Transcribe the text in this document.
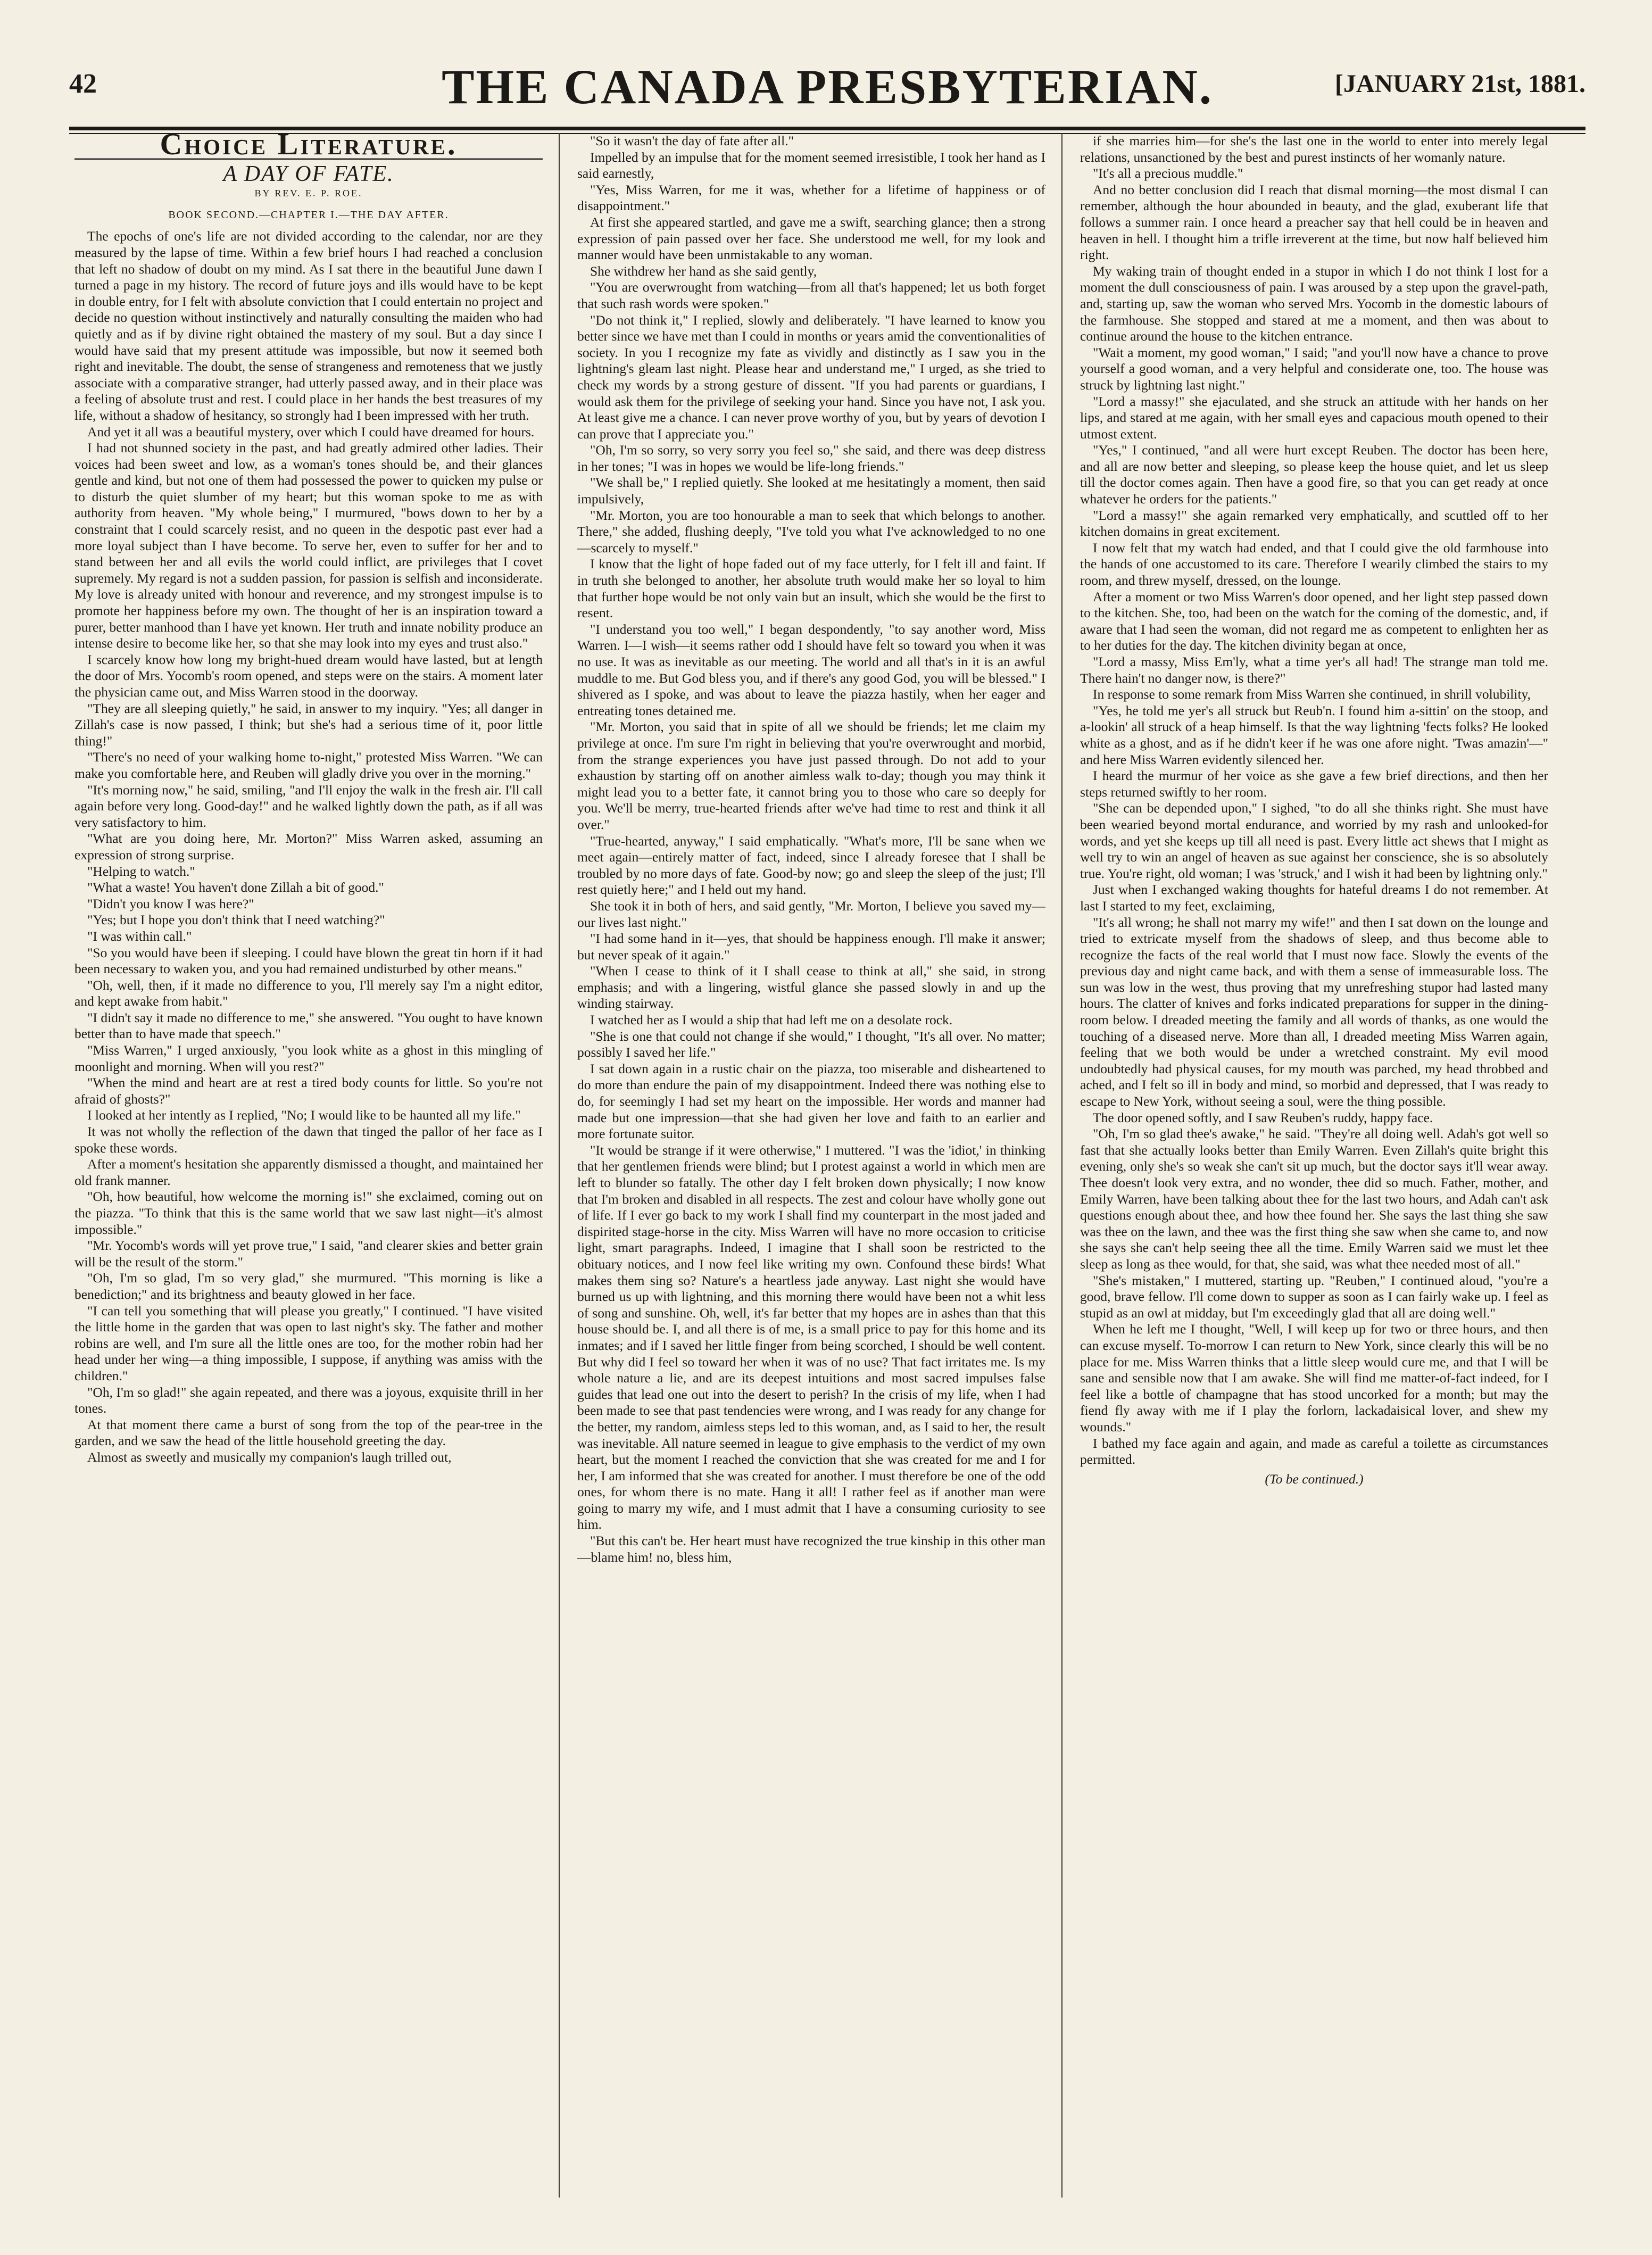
42	THE CANADA PRESBYTERIAN.	[JANUARY 21st, 1881.
Choice Literature.
A DAY OF FATE.
BY REV. E. P. ROE.
BOOK SECOND.—CHAPTER I.—THE DAY AFTER.

The epochs of one's life are not divided according to the calendar, nor are they measured by the lapse of time. Within a few brief hours I had reached a conclusion that left no shadow of doubt on my mind. As I sat there in the beautiful June dawn I turned a page in my history. The record of future joys and ills would have to be kept in double entry, for I felt with absolute conviction that I could entertain no project and decide no question without instinctively and naturally consulting the maiden who had quietly and as if by divine right obtained the mastery of my soul. But a day since I would have said that my present attitude was impossible, but now it seemed both right and inevitable. The doubt, the sense of strangeness and remoteness that we justly associate with a comparative stranger, had utterly passed away, and in their place was a feeling of absolute trust and rest. I could place in her hands the best treasures of my life, without a shadow of hesitancy, so strongly had I been impressed with her truth.

And yet it all was a beautiful mystery, over which I could have dreamed for hours.

I had not shunned society in the past, and had greatly admired other ladies. Their voices had been sweet and low, as a woman's tones should be, and their glances gentle and kind, but not one of them had possessed the power to quicken my pulse or to disturb the quiet slumber of my heart; but this woman spoke to me as with authority from heaven. "My whole being," I murmured, "bows down to her by a constraint that I could scarcely resist, and no queen in the despotic past ever had a more loyal subject than I have become. To serve her, even to suffer for her and to stand between her and all evils the world could inflict, are privileges that I covet supremely. My regard is not a sudden passion, for passion is selfish and inconsiderate. My love is already united with honour and reverence, and my strongest impulse is to promote her happiness before my own. The thought of her is an inspiration toward a purer, better manhood than I have yet known. Her truth and innate nobility produce an intense desire to become like her, so that she may look into my eyes and trust also."

I scarcely know how long my bright-hued dream would have lasted, but at length the door of Mrs. Yocomb's room opened, and steps were on the stairs. A moment later the physician came out, and Miss Warren stood in the doorway.

"They are all sleeping quietly," he said, in answer to my inquiry. "Yes; all danger in Zillah's case is now passed, I think; but she's had a serious time of it, poor little thing!"

"There's no need of your walking home to-night," protested Miss Warren. "We can make you comfortable here, and Reuben will gladly drive you over in the morning."

"It's morning now," he said, smiling, "and I'll enjoy the walk in the fresh air. I'll call again before very long. Good-day!" and he walked lightly down the path, as if all was very satisfactory to him.

"What are you doing here, Mr. Morton?" Miss Warren asked, assuming an expression of strong surprise.

"Helping to watch."

"What a waste! You haven't done Zillah a bit of good."

"Didn't you know I was here?"

"Yes; but I hope you don't think that I need watching?"

"I was within call."

"So you would have been if sleeping. I could have blown the great tin horn if it had been necessary to waken you, and you had remained undisturbed by other means."

"Oh, well, then, if it made no difference to you, I'll merely say I'm a night editor, and kept awake from habit."

"I didn't say it made no difference to me," she answered. "You ought to have known better than to have made that speech."

"Miss Warren," I urged anxiously, "you look white as a ghost in this mingling of moonlight and morning. When will you rest?"

"When the mind and heart are at rest a tired body counts for little. So you're not afraid of ghosts?"

I looked at her intently as I replied, "No; I would like to be haunted all my life."

It was not wholly the reflection of the dawn that tinged the pallor of her face as I spoke these words.

After a moment's hesitation she apparently dismissed a thought, and maintained her old frank manner.

"Oh, how beautiful, how welcome the morning is!" she exclaimed, coming out on the piazza. "To think that this is the same world that we saw last night—it's almost impossible."

"Mr. Yocomb's words will yet prove true," I said, "and clearer skies and better grain will be the result of the storm."

"Oh, I'm so glad, I'm so very glad," she murmured. "This morning is like a benediction;" and its brightness and beauty glowed in her face.

"I can tell you something that will please you greatly," I continued. "I have visited the little home in the garden that was open to last night's sky. The father and mother robins are well, and I'm sure all the little ones are too, for the mother robin had her head under her wing—a thing impossible, I suppose, if anything was amiss with the children."

"Oh, I'm so glad!" she again repeated, and there was a joyous, exquisite thrill in her tones.

At that moment there came a burst of song from the top of the pear-tree in the garden, and we saw the head of the little household greeting the day.

Almost as sweetly and musically my companion's laugh trilled out,

"So it wasn't the day of fate after all."

Impelled by an impulse that for the moment seemed irresistible, I took her hand as I said earnestly,

"Yes, Miss Warren, for me it was, whether for a lifetime of happiness or of disappointment."

At first she appeared startled, and gave me a swift, searching glance; then a strong expression of pain passed over her face. She understood me well, for my look and manner would have been unmistakable to any woman.

She withdrew her hand as she said gently,

"You are overwrought from watching—from all that's happened; let us both forget that such rash words were spoken."

"Do not think it," I replied, slowly and deliberately. "I have learned to know you better since we have met than I could in months or years amid the conventionalities of society. In you I recognize my fate as vividly and distinctly as I saw you in the lightning's gleam last night. Please hear and understand me," I urged, as she tried to check my words by a strong gesture of dissent. "If you had parents or guardians, I would ask them for the privilege of seeking your hand. Since you have not, I ask you. At least give me a chance. I can never prove worthy of you, but by years of devotion I can prove that I appreciate you."

"Oh, I'm so sorry, so very sorry you feel so," she said, and there was deep distress in her tones; "I was in hopes we would be life-long friends."

"We shall be," I replied quietly. She looked at me hesitatingly a moment, then said impulsively,

"Mr. Morton, you are too honourable a man to seek that which belongs to another. There," she added, flushing deeply, "I've told you what I've acknowledged to no one—scarcely to myself."

I know that the light of hope faded out of my face utterly, for I felt ill and faint. If in truth she belonged to another, her absolute truth would make her so loyal to him that further hope would be not only vain but an insult, which she would be the first to resent.

"I understand you too well," I began despondently, "to say another word, Miss Warren. I—I wish—it seems rather odd I should have felt so toward you when it was no use. It was as inevitable as our meeting. The world and all that's in it is an awful muddle to me. But God bless you, and if there's any good God, you will be blessed." I shivered as I spoke, and was about to leave the piazza hastily, when her eager and entreating tones detained me.

"Mr. Morton, you said that in spite of all we should be friends; let me claim my privilege at once. I'm sure I'm right in believing that you're overwrought and morbid, from the strange experiences you have just passed through. Do not add to your exhaustion by starting off on another aimless walk to-day; though you may think it might lead you to a better fate, it cannot bring you to those who care so deeply for you. We'll be merry, true-hearted friends after we've had time to rest and think it all over."

"True-hearted, anyway," I said emphatically. "What's more, I'll be sane when we meet again—entirely matter of fact, indeed, since I already foresee that I shall be troubled by no more days of fate. Good-by now; go and sleep the sleep of the just; I'll rest quietly here;" and I held out my hand.

She took it in both of hers, and said gently, "Mr. Morton, I believe you saved my—our lives last night."

"I had some hand in it—yes, that should be happiness enough. I'll make it answer; but never speak of it again."

"When I cease to think of it I shall cease to think at all," she said, in strong emphasis; and with a lingering, wistful glance she passed slowly in and up the winding stairway.

I watched her as I would a ship that had left me on a desolate rock.

"She is one that could not change if she would," I thought, "It's all over. No matter; possibly I saved her life."

I sat down again in a rustic chair on the piazza, too miserable and disheartened to do more than endure the pain of my disappointment. Indeed there was nothing else to do, for seemingly I had set my heart on the impossible. Her words and manner had made but one impression—that she had given her love and faith to an earlier and more fortunate suitor.

"It would be strange if it were otherwise," I muttered. "I was the 'idiot,' in thinking that her gentlemen friends were blind; but I protest against a world in which men are left to blunder so fatally. The other day I felt broken down physically; I now know that I'm broken and disabled in all respects. The zest and colour have wholly gone out of life. If I ever go back to my work I shall find my counterpart in the most jaded and dispirited stage-horse in the city. Miss Warren will have no more occasion to criticise light, smart paragraphs. Indeed, I imagine that I shall soon be restricted to the obituary notices, and I now feel like writing my own. Confound these birds! What makes them sing so? Nature's a heartless jade anyway. Last night she would have burned us up with lightning, and this morning there would have been not a whit less of song and sunshine. Oh, well, it's far better that my hopes are in ashes than that this house should be. I, and all there is of me, is a small price to pay for this home and its inmates; and if I saved her little finger from being scorched, I should be well content. But why did I feel so toward her when it was of no use? That fact irritates me. Is my whole nature a lie, and are its deepest intuitions and most sacred impulses false guides that lead one out into the desert to perish? In the crisis of my life, when I had been made to see that past tendencies were wrong, and I was ready for any change for the better, my random, aimless steps led to this woman, and, as I said to her, the result was inevitable. All nature seemed in league to give emphasis to the verdict of my own heart, but the moment I reached the conviction that she was created for me and I for her, I am informed that she was created for another. I must therefore be one of the odd ones, for whom there is no mate. Hang it all! I rather feel as if another man were going to marry my wife, and I must admit that I have a consuming curiosity to see him.

"But this can't be. Her heart must have recognized the true kinship in this other man—blame him! no, bless him,

if she marries him—for she's the last one in the world to enter into merely legal relations, unsanctioned by the best and purest instincts of her womanly nature.

"It's all a precious muddle."

And no better conclusion did I reach that dismal morning—the most dismal I can remember, although the hour abounded in beauty, and the glad, exuberant life that follows a summer rain. I once heard a preacher say that hell could be in heaven and heaven in hell. I thought him a trifle irreverent at the time, but now half believed him right.

My waking train of thought ended in a stupor in which I do not think I lost for a moment the dull consciousness of pain. I was aroused by a step upon the gravel-path, and, starting up, saw the woman who served Mrs. Yocomb in the domestic labours of the farmhouse. She stopped and stared at me a moment, and then was about to continue around the house to the kitchen entrance.

"Wait a moment, my good woman," I said; "and you'll now have a chance to prove yourself a good woman, and a very helpful and considerate one, too. The house was struck by lightning last night."

"Lord a massy!" she ejaculated, and she struck an attitude with her hands on her lips, and stared at me again, with her small eyes and capacious mouth opened to their utmost extent.

"Yes," I continued, "and all were hurt except Reuben. The doctor has been here, and all are now better and sleeping, so please keep the house quiet, and let us sleep till the doctor comes again. Then have a good fire, so that you can get ready at once whatever he orders for the patients."

"Lord a massy!" she again remarked very emphatically, and scuttled off to her kitchen domains in great excitement.

I now felt that my watch had ended, and that I could give the old farmhouse into the hands of one accustomed to its care. Therefore I wearily climbed the stairs to my room, and threw myself, dressed, on the lounge.

After a moment or two Miss Warren's door opened, and her light step passed down to the kitchen. She, too, had been on the watch for the coming of the domestic, and, if aware that I had seen the woman, did not regard me as competent to enlighten her as to her duties for the day. The kitchen divinity began at once,

"Lord a massy, Miss Em'ly, what a time yer's all had! The strange man told me. There hain't no danger now, is there?"

In response to some remark from Miss Warren she continued, in shrill volubility,

"Yes, he told me yer's all struck but Reub'n. I found him a-sittin' on the stoop, and a-lookin' all struck of a heap himself. Is that the way lightning 'fects folks? He looked white as a ghost, and as if he didn't keer if he was one afore night. 'Twas amazin'—" and here Miss Warren evidently silenced her.

I heard the murmur of her voice as she gave a few brief directions, and then her steps returned swiftly to her room.

"She can be depended upon," I sighed, "to do all she thinks right. She must have been wearied beyond mortal endurance, and worried by my rash and unlooked-for words, and yet she keeps up till all need is past. Every little act shews that I might as well try to win an angel of heaven as sue against her conscience, she is so absolutely true. You're right, old woman; I was 'struck,' and I wish it had been by lightning only."

Just when I exchanged waking thoughts for hateful dreams I do not remember. At last I started to my feet, exclaiming,

"It's all wrong; he shall not marry my wife!" and then I sat down on the lounge and tried to extricate myself from the shadows of sleep, and thus become able to recognize the facts of the real world that I must now face. Slowly the events of the previous day and night came back, and with them a sense of immeasurable loss. The sun was low in the west, thus proving that my unrefreshing stupor had lasted many hours. The clatter of knives and forks indicated preparations for supper in the dining-room below. I dreaded meeting the family and all words of thanks, as one would the touching of a diseased nerve. More than all, I dreaded meeting Miss Warren again, feeling that we both would be under a wretched constraint. My evil mood undoubtedly had physical causes, for my mouth was parched, my head throbbed and ached, and I felt so ill in body and mind, so morbid and depressed, that I was ready to escape to New York, without seeing a soul, were the thing possible.

The door opened softly, and I saw Reuben's ruddy, happy face.

"Oh, I'm so glad thee's awake," he said. "They're all doing well. Adah's got well so fast that she actually looks better than Emily Warren. Even Zillah's quite bright this evening, only she's so weak she can't sit up much, but the doctor says it'll wear away. Thee doesn't look very extra, and no wonder, thee did so much. Father, mother, and Emily Warren, have been talking about thee for the last two hours, and Adah can't ask questions enough about thee, and how thee found her. She says the last thing she saw was thee on the lawn, and thee was the first thing she saw when she came to, and now she says she can't help seeing thee all the time. Emily Warren said we must let thee sleep as long as thee would, for that, she said, was what thee needed most of all."

"She's mistaken," I muttered, starting up. "Reuben," I continued aloud, "you're a good, brave fellow. I'll come down to supper as soon as I can fairly wake up. I feel as stupid as an owl at midday, but I'm exceedingly glad that all are doing well."

When he left me I thought, "Well, I will keep up for two or three hours, and then can excuse myself. To-morrow I can return to New York, since clearly this will be no place for me. Miss Warren thinks that a little sleep would cure me, and that I will be sane and sensible now that I am awake. She will find me matter-of-fact indeed, for I feel like a bottle of champagne that has stood uncorked for a month; but may the fiend fly away with me if I play the forlorn, lackadaisical lover, and shew my wounds."

I bathed my face again and again, and made as careful a toilette as circumstances permitted.

(To be continued.)
